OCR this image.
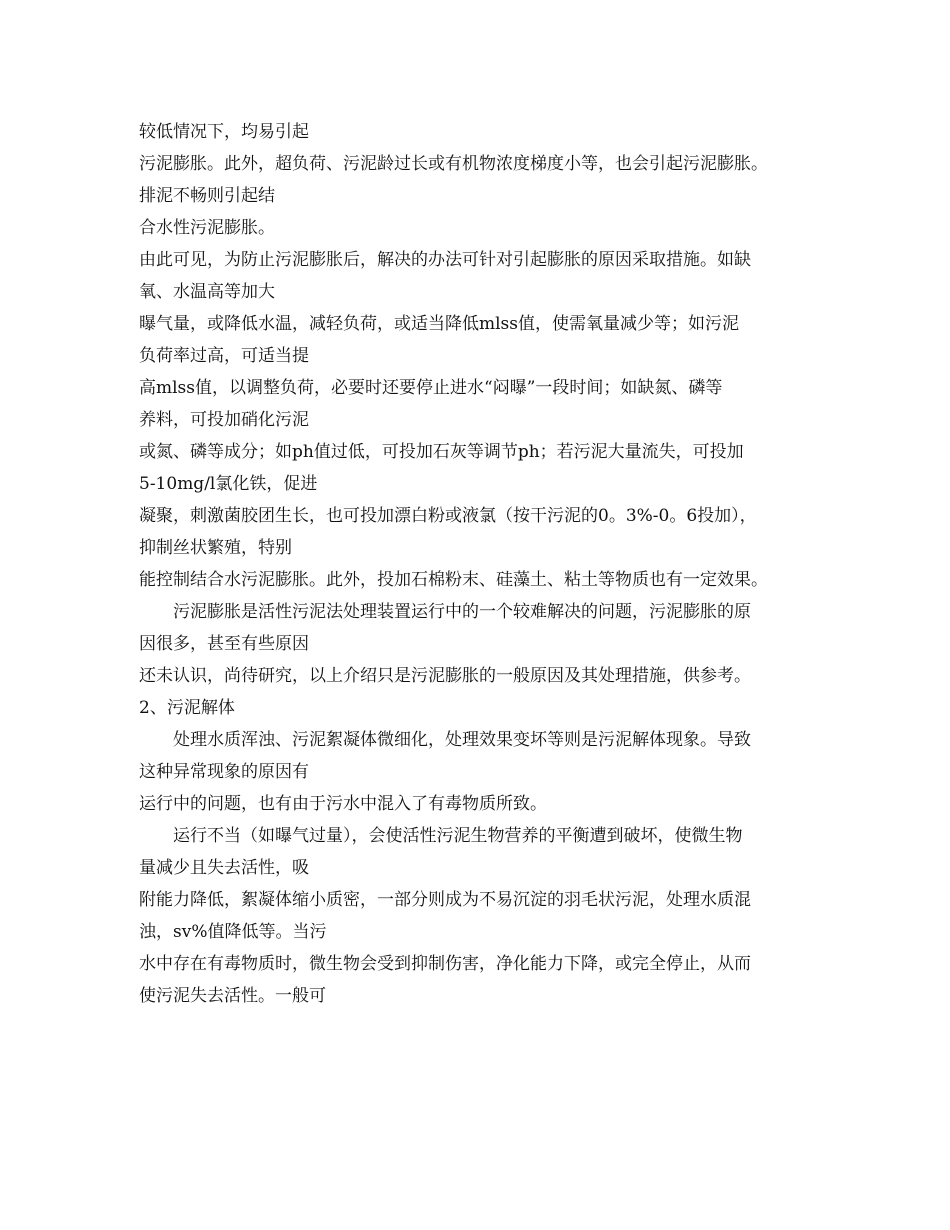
较低情况下，均易引起
污泥膨胀。此外，超负荷、污泥龄过长或有机物浓度梯度小等，也会引起污泥膨胀。
排泥不畅则引起结
合水性污泥膨胀。
由此可见，为防止污泥膨胀后，解决的办法可针对引起膨胀的原因采取措施。如缺
氧、水温高等加大
曝气量，或降低水温，减轻负荷，或适当降低mlss值，使需氧量减少等；如污泥
负荷率过高，可适当提
高mlss值，以调整负荷，必要时还要停止进水“闷曝”一段时间；如缺氮、磷等
养料，可投加硝化污泥
或氮、磷等成分；如ph值过低，可投加石灰等调节ph；若污泥大量流失，可投加
5-10mg/l氯化铁，促进
凝聚，刺激菌胶团生长，也可投加漂白粉或液氯（按干污泥的0。3%-0。6投加），
抑制丝状繁殖，特别
能控制结合水污泥膨胀。此外，投加石棉粉末、硅藻土、粘土等物质也有一定效果。
污泥膨胀是活性污泥法处理装置运行中的一个较难解决的问题，污泥膨胀的原
因很多，甚至有些原因
还未认识，尚待研究，以上介绍只是污泥膨胀的一般原因及其处理措施，供参考。
2、污泥解体
处理水质浑浊、污泥絮凝体微细化，处理效果变坏等则是污泥解体现象。导致
这种异常现象的原因有
运行中的问题，也有由于污水中混入了有毒物质所致。
运行不当（如曝气过量），会使活性污泥生物营养的平衡遭到破坏，使微生物
量减少且失去活性，吸
附能力降低，絮凝体缩小质密，一部分则成为不易沉淀的羽毛状污泥，处理水质混
浊，sv%值降低等。当污
水中存在有毒物质时，微生物会受到抑制伤害，净化能力下降，或完全停止，从而
使污泥失去活性。一般可
